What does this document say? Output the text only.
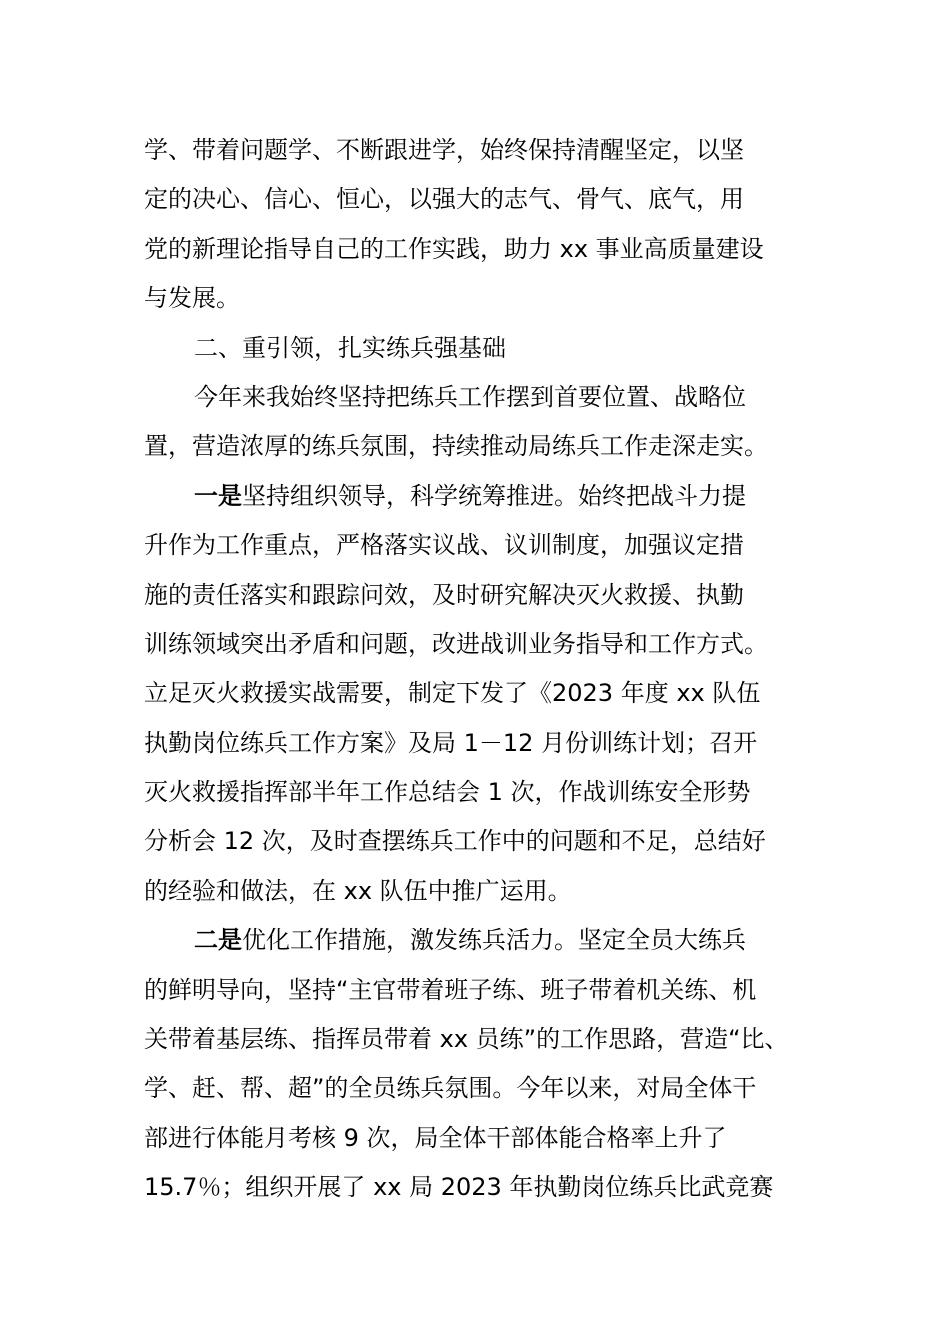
学、带着问题学、不断跟进学，始终保持清醒坚定，以坚
定的决心、信心、恒心，以强大的志气、骨气、底气，用
党的新理论指导自己的工作实践，助力 xx 事业高质量建设
与发展。
二、重引领，扎实练兵强基础
今年来我始终坚持把练兵工作摆到首要位置、战略位
置，营造浓厚的练兵氛围，持续推动局练兵工作走深走实。
一是坚持组织领导，科学统筹推进。始终把战斗力提
升作为工作重点，严格落实议战、议训制度，加强议定措
施的责任落实和跟踪问效，及时研究解决灭火救援、执勤
训练领域突出矛盾和问题，改进战训业务指导和工作方式。
立足灭火救援实战需要，制定下发了《2023 年度 xx 队伍
执勤岗位练兵工作方案》及局 1－12 月份训练计划；召开
灭火救援指挥部半年工作总结会 1 次，作战训练安全形势
分析会 12 次，及时查摆练兵工作中的问题和不足，总结好
的经验和做法，在 xx 队伍中推广运用。
二是优化工作措施，激发练兵活力。坚定全员大练兵
的鲜明导向，坚持“主官带着班子练、班子带着机关练、机
关带着基层练、指挥员带着 xx 员练”的工作思路，营造“比、
学、赶、帮、超”的全员练兵氛围。今年以来，对局全体干
部进行体能月考核 9 次，局全体干部体能合格率上升了
15.7％；组织开展了 xx 局 2023 年执勤岗位练兵比武竞赛
